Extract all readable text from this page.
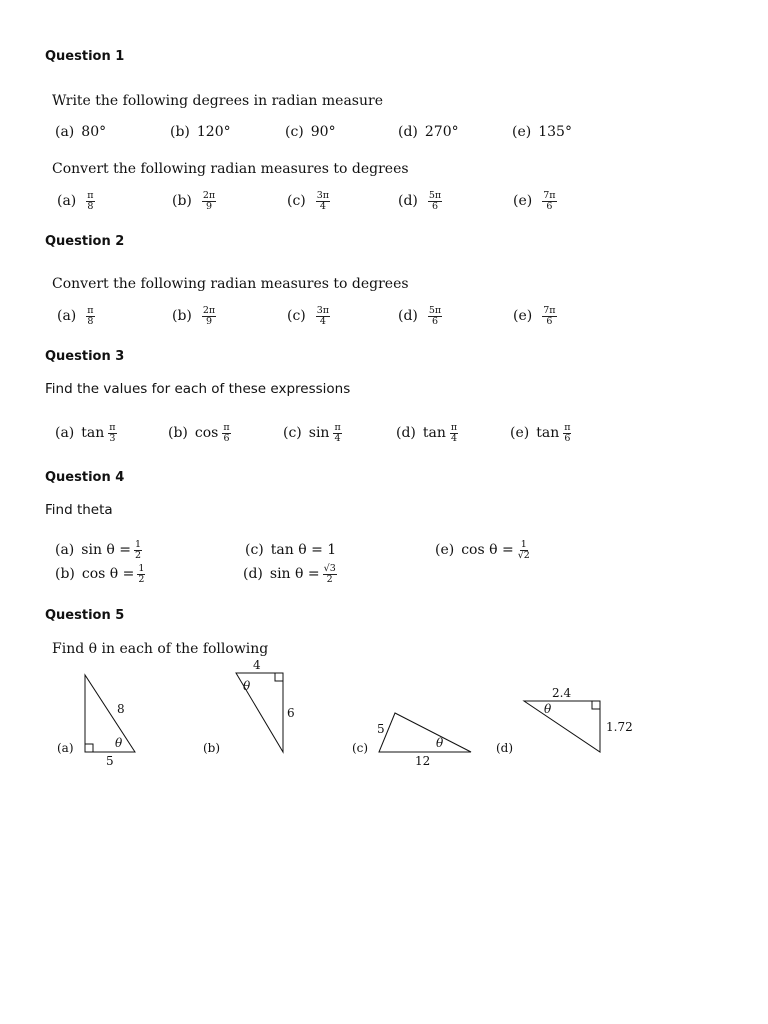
Question 1
Write the following degrees in radian measure
(a) 80°	(b) 120°	(c) 90°	(d) 270°	(e) 135°
Convert the following radian measures to degrees
$(a) \frac{\pi}{8}$	$(b) \frac{2\pi}{9}$	$(c) \frac{3\pi}{4}$	$(d) \frac{5\pi}{6}$	$(e) \frac{7\pi}{6}$
Question 2
Convert the following radian measures to degrees
$(a) \frac{\pi}{8}$	$(b) \frac{2\pi}{9}$	$(c) \frac{3\pi}{4}$	$(d) \frac{5\pi}{6}$	$(e) \frac{7\pi}{6}$
Question 3
Find the values for each of these expressions
(a) $\tan \frac{\pi}{3}$	(b) $\cos \frac{\pi}{6}$	(c) $\sin \frac{\pi}{4}$	(d) $\tan \frac{\pi}{4}$	(e) $\tan \frac{\pi}{6}$
Question 4
Find theta
(a) $\sin \theta = \frac{1}{2}$	(c) tan θ = 1	(e) $\cos \theta = \frac{1}{√2}$
(b) $\cos \theta = \frac{1}{2}$	(d) $\sin \theta = \frac{√3}{2}$
Question 5
Find θ in each of the following
(a)
8
5
θ	(b)
4
6
θ
(c)
5
12
θ	(d)
2.4
1.72
θ
